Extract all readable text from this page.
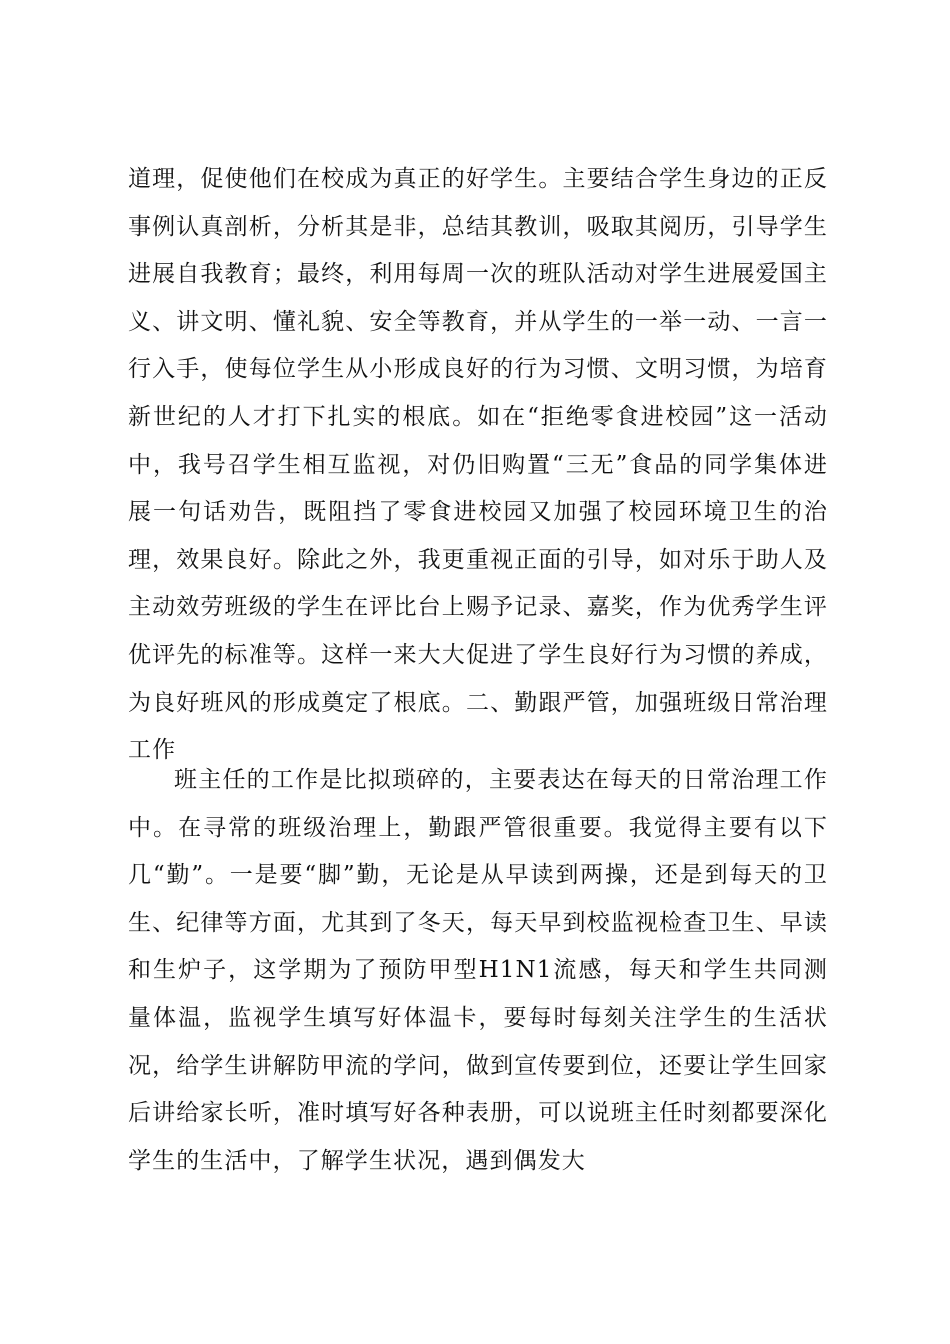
道理，促使他们在校成为真正的好学生。主要结合学生身边的正反事例认真剖析，分析其是非，总结其教训，吸取其阅历，引导学生进展自我教育；最终，利用每周一次的班队活动对学生进展爱国主义、讲文明、懂礼貌、安全等教育，并从学生的一举一动、一言一行入手，使每位学生从小形成良好的行为习惯、文明习惯，为培育新世纪的人才打下扎实的根底。如在“拒绝零食进校园”这一活动中，我号召学生相互监视，对仍旧购置“三无”食品的同学集体进展一句话劝告，既阻挡了零食进校园又加强了校园环境卫生的治理，效果良好。除此之外，我更重视正面的引导，如对乐于助人及主动效劳班级的学生在评比台上赐予记录、嘉奖，作为优秀学生评优评先的标准等。这样一来大大促进了学生良好行为习惯的养成，为良好班风的形成奠定了根底。二、勤跟严管，加强班级日常治理工作

班主任的工作是比拟琐碎的，主要表达在每天的日常治理工作中。在寻常的班级治理上，勤跟严管很重要。我觉得主要有以下几“勤”。一是要“脚”勤，无论是从早读到两操，还是到每天的卫生、纪律等方面，尤其到了冬天，每天早到校监视检查卫生、早读和生炉子，这学期为了预防甲型H1N1流感，每天和学生共同测量体温，监视学生填写好体温卡，要每时每刻关注学生的生活状况，给学生讲解防甲流的学问，做到宣传要到位，还要让学生回家后讲给家长听，准时填写好各种表册，可以说班主任时刻都要深化学生的生活中，了解学生状况，遇到偶发大
